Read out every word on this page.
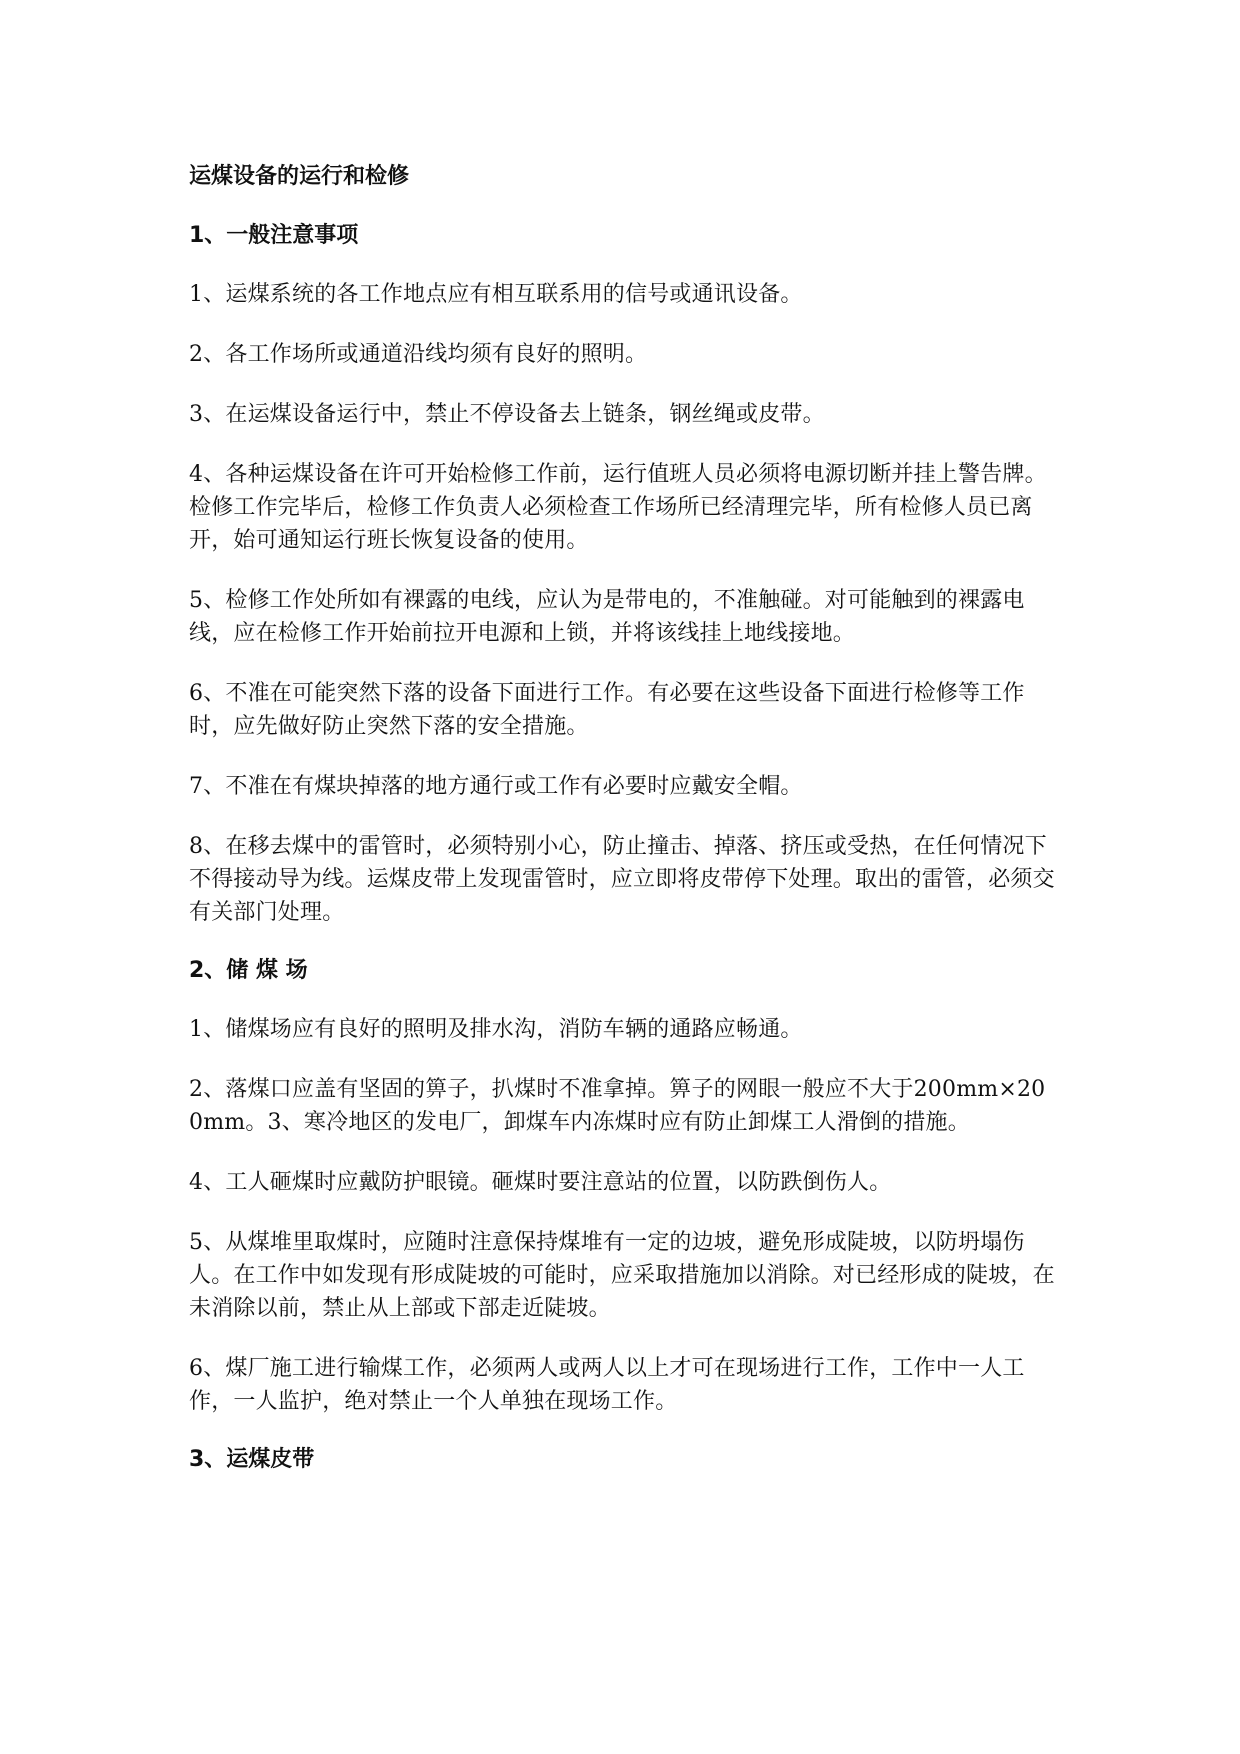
运煤设备的运行和检修
1、一般注意事项

1、运煤系统的各工作地点应有相互联系用的信号或通讯设备。

2、各工作场所或通道沿线均须有良好的照明。

3、在运煤设备运行中，禁止不停设备去上链条，钢丝绳或皮带。

4、各种运煤设备在许可开始检修工作前，运行值班人员必须将电源切断并挂上警告牌。检修工作完毕后，检修工作负责人必须检查工作场所已经清理完毕，所有检修人员已离开，始可通知运行班长恢复设备的使用。

5、检修工作处所如有裸露的电线，应认为是带电的，不准触碰。对可能触到的裸露电线，应在检修工作开始前拉开电源和上锁，并将该线挂上地线接地。

6、不准在可能突然下落的设备下面进行工作。有必要在这些设备下面进行检修等工作时，应先做好防止突然下落的安全措施。

7、不准在有煤块掉落的地方通行或工作有必要时应戴安全帽。

8、在移去煤中的雷管时，必须特别小心，防止撞击、掉落、挤压或受热，在任何情况下不得接动导为线。运煤皮带上发现雷管时，应立即将皮带停下处理。取出的雷管，必须交有关部门处理。

2、储 煤 场

1、储煤场应有良好的照明及排水沟，消防车辆的通路应畅通。

2、落煤口应盖有坚固的箅子，扒煤时不准拿掉。箅子的网眼一般应不大于200mm×200mm。3、寒冷地区的发电厂，卸煤车内冻煤时应有防止卸煤工人滑倒的措施。

4、工人砸煤时应戴防护眼镜。砸煤时要注意站的位置，以防跌倒伤人。

5、从煤堆里取煤时，应随时注意保持煤堆有一定的边坡，避免形成陡坡，以防坍塌伤人。在工作中如发现有形成陡坡的可能时，应采取措施加以消除。对已经形成的陡坡，在未消除以前，禁止从上部或下部走近陡坡。

6、煤厂施工进行输煤工作，必须两人或两人以上才可在现场进行工作，工作中一人工作，一人监护，绝对禁止一个人单独在现场工作。

3、运煤皮带
